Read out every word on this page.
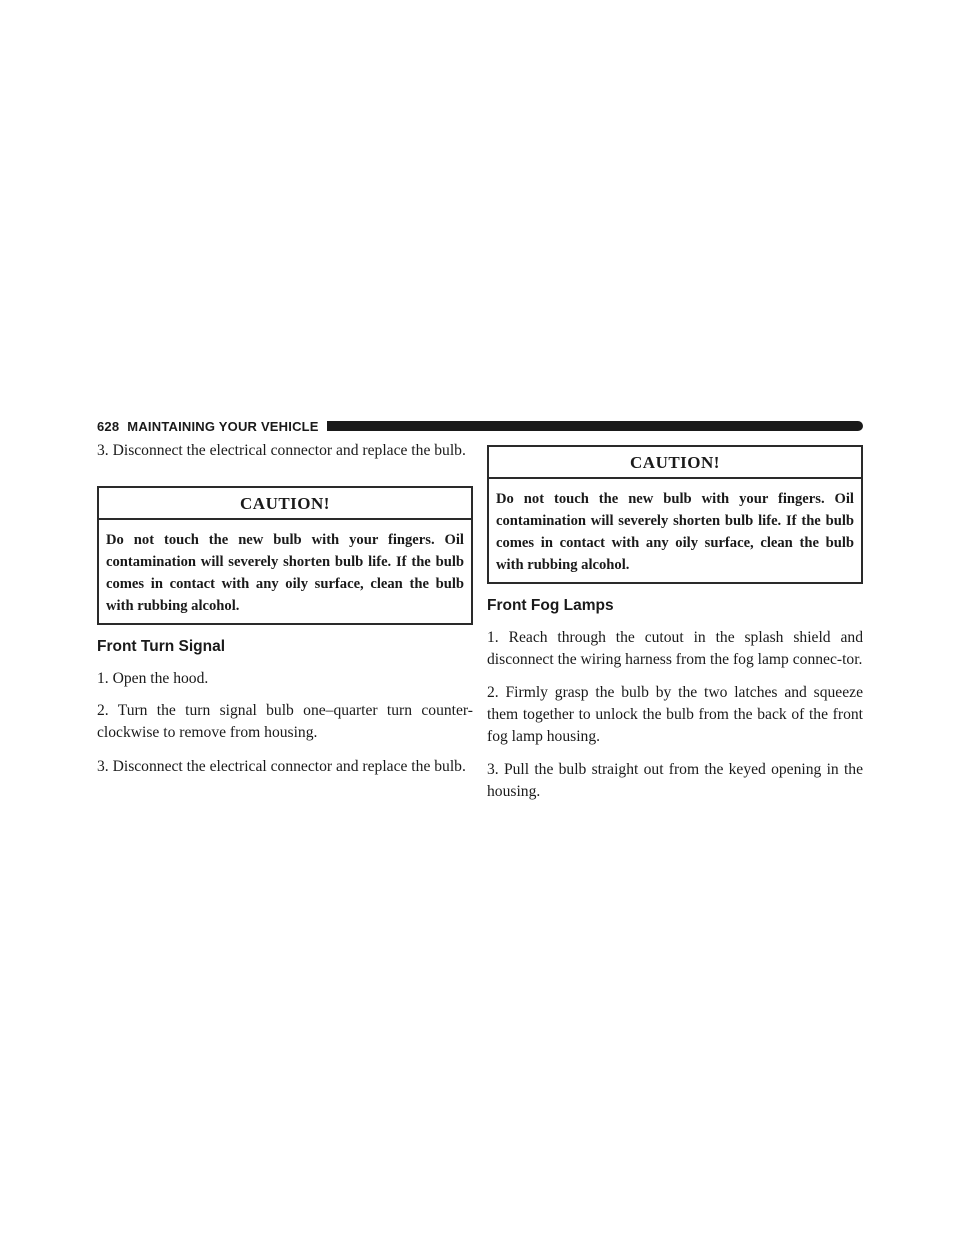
628 MAINTAINING YOUR VEHICLE

3. Disconnect the electrical connector and replace the bulb.

CAUTION!
Do not touch the new bulb with your fingers. Oil contamination will severely shorten bulb life. If the bulb comes in contact with any oily surface, clean the bulb with rubbing alcohol.
Front Turn Signal

1. Open the hood.

2. Turn the turn signal bulb one–quarter turn counter-clockwise to remove from housing.

3. Disconnect the electrical connector and replace the bulb.

CAUTION!
Do not touch the new bulb with your fingers. Oil contamination will severely shorten bulb life. If the bulb comes in contact with any oily surface, clean the bulb with rubbing alcohol.
Front Fog Lamps

1. Reach through the cutout in the splash shield and disconnect the wiring harness from the fog lamp connec-tor.

2. Firmly grasp the bulb by the two latches and squeeze them together to unlock the bulb from the back of the front fog lamp housing.

3. Pull the bulb straight out from the keyed opening in the housing.
